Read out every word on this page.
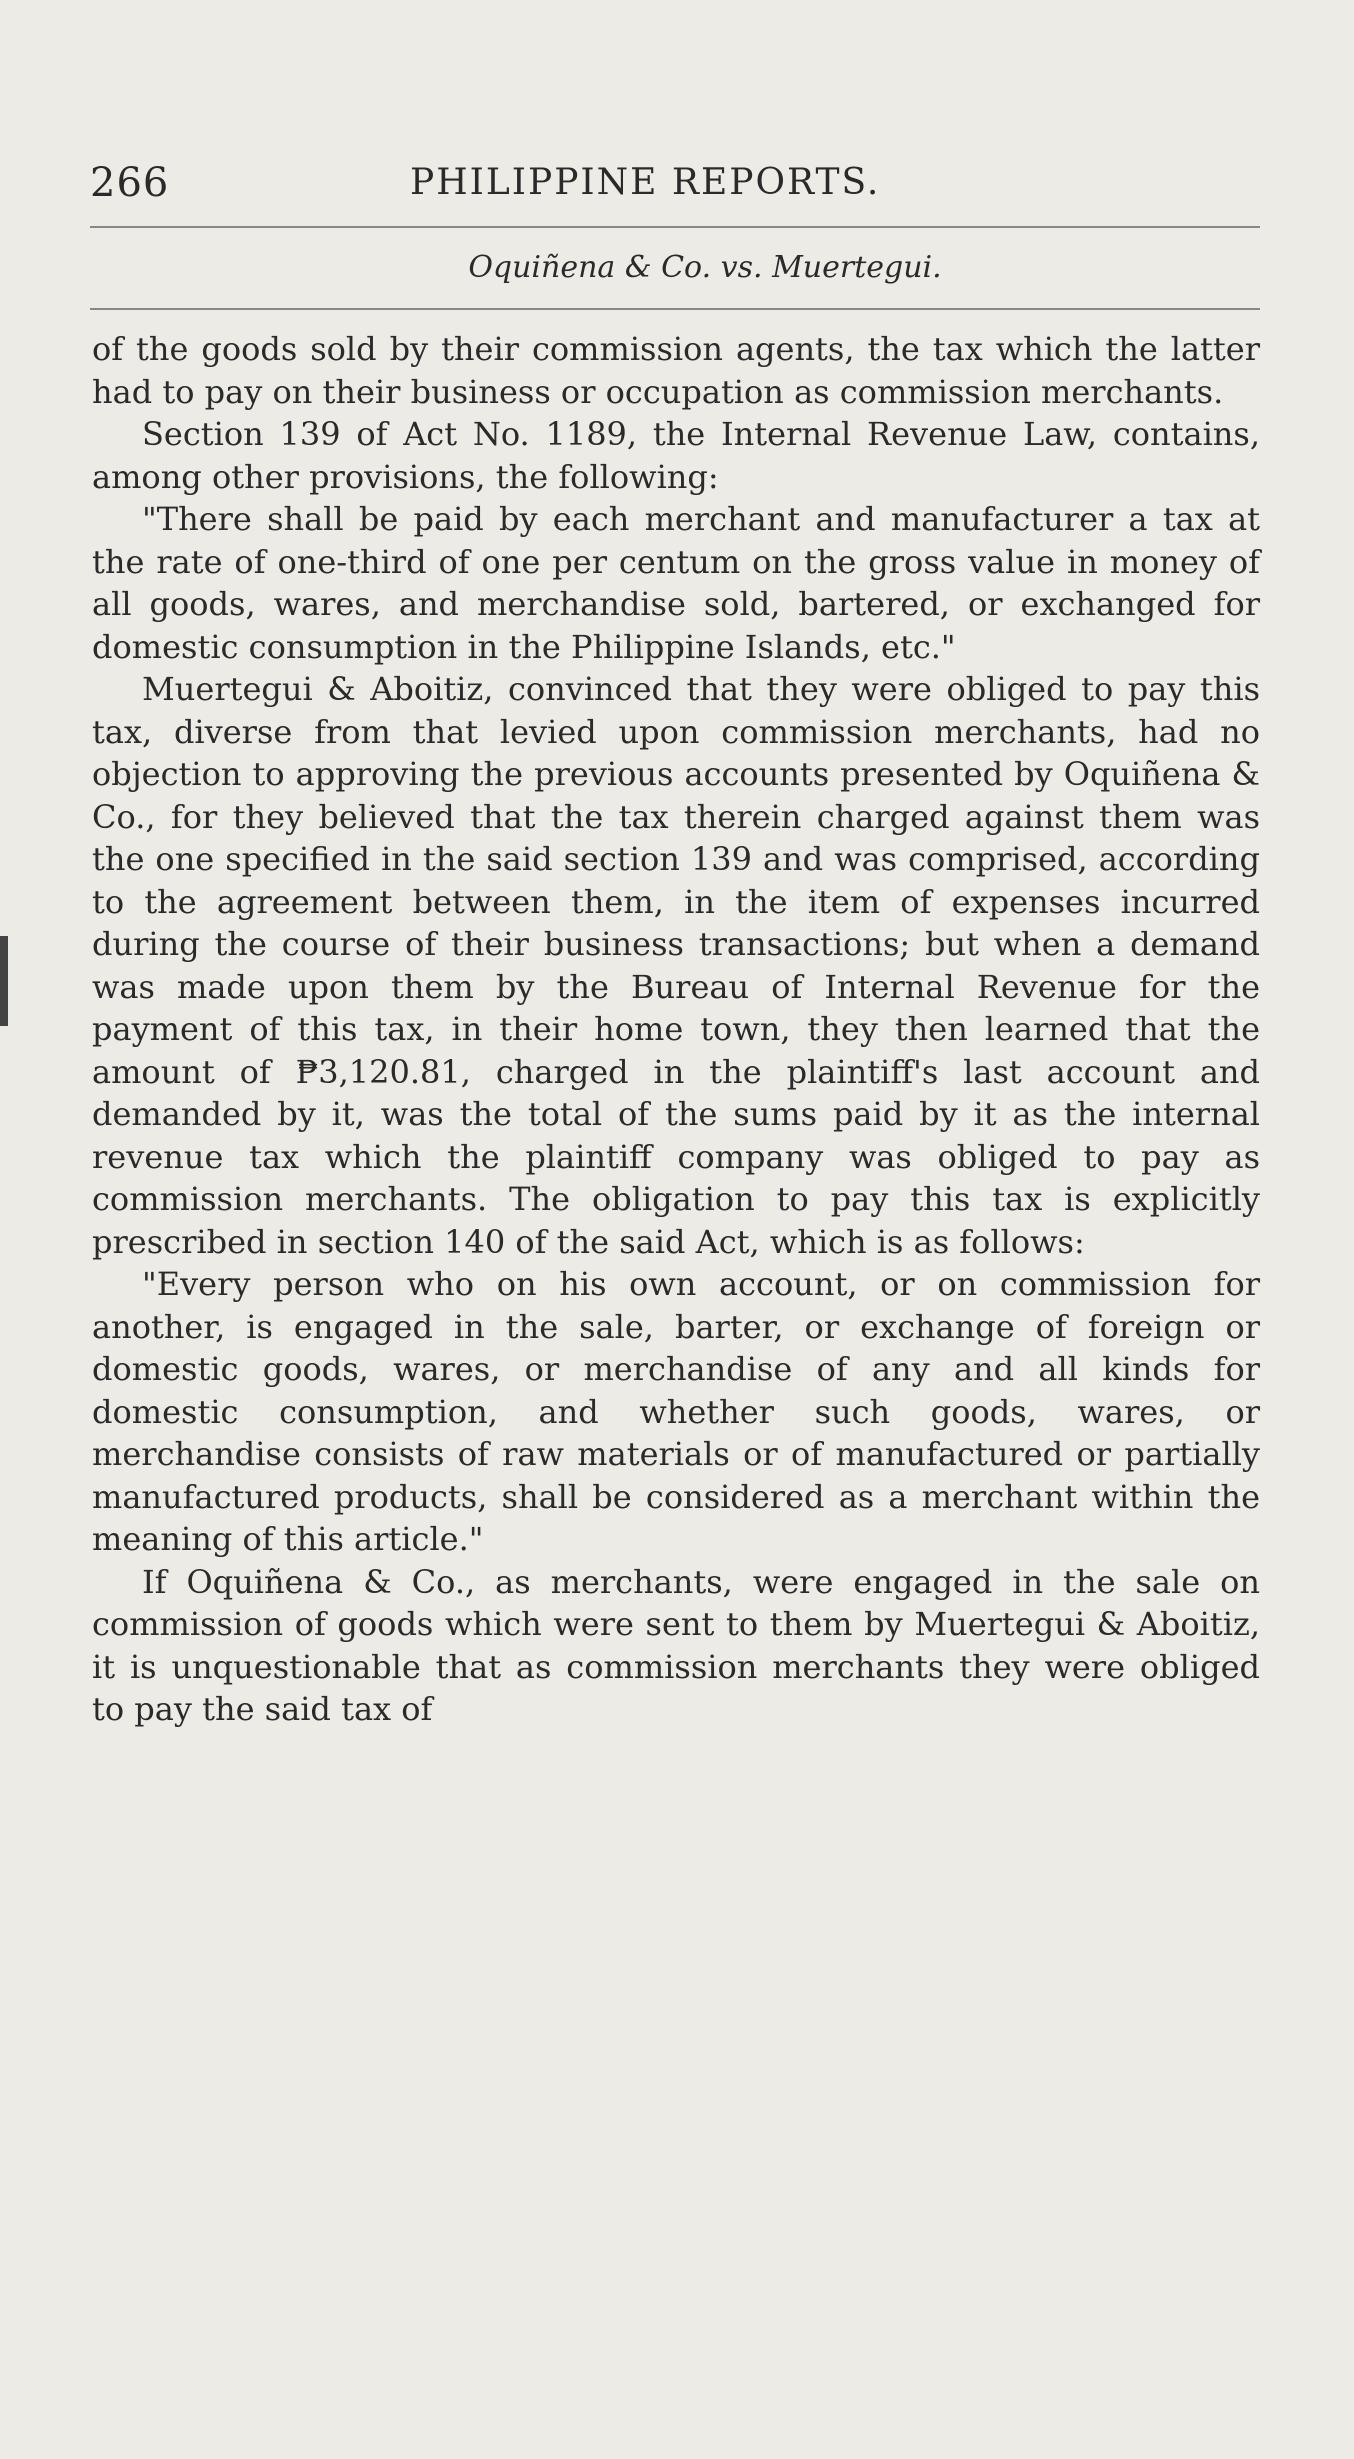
266	PHILIPPINE REPORTS.
Oquiñena & Co. vs. Muertegui.

of the goods sold by their commission agents, the tax which the latter had to pay on their business or occupation as commission merchants.

Section 139 of Act No. 1189, the Internal Revenue Law, contains, among other provisions, the following:

"There shall be paid by each merchant and manufacturer a tax at the rate of one-third of one per centum on the gross value in money of all goods, wares, and merchandise sold, bartered, or exchanged for domestic consumption in the Philippine Islands, etc."

Muertegui & Aboitiz, convinced that they were obliged to pay this tax, diverse from that levied upon commission merchants, had no objection to approving the previous accounts presented by Oquiñena & Co., for they believed that the tax therein charged against them was the one specified in the said section 139 and was comprised, according to the agreement between them, in the item of expenses incurred during the course of their business transactions; but when a demand was made upon them by the Bureau of Internal Revenue for the payment of this tax, in their home town, they then learned that the amount of ₱3,120.81, charged in the plaintiff's last account and demanded by it, was the total of the sums paid by it as the internal revenue tax which the plaintiff company was obliged to pay as commission merchants. The obligation to pay this tax is explicitly prescribed in section 140 of the said Act, which is as follows:

"Every person who on his own account, or on commission for another, is engaged in the sale, barter, or exchange of foreign or domestic goods, wares, or merchandise of any and all kinds for domestic consumption, and whether such goods, wares, or merchandise consists of raw materials or of manufactured or partially manufactured products, shall be considered as a merchant within the meaning of this article."

If Oquiñena & Co., as merchants, were engaged in the sale on commission of goods which were sent to them by Muertegui & Aboitiz, it is unquestionable that as commission merchants they were obliged to pay the said tax of
